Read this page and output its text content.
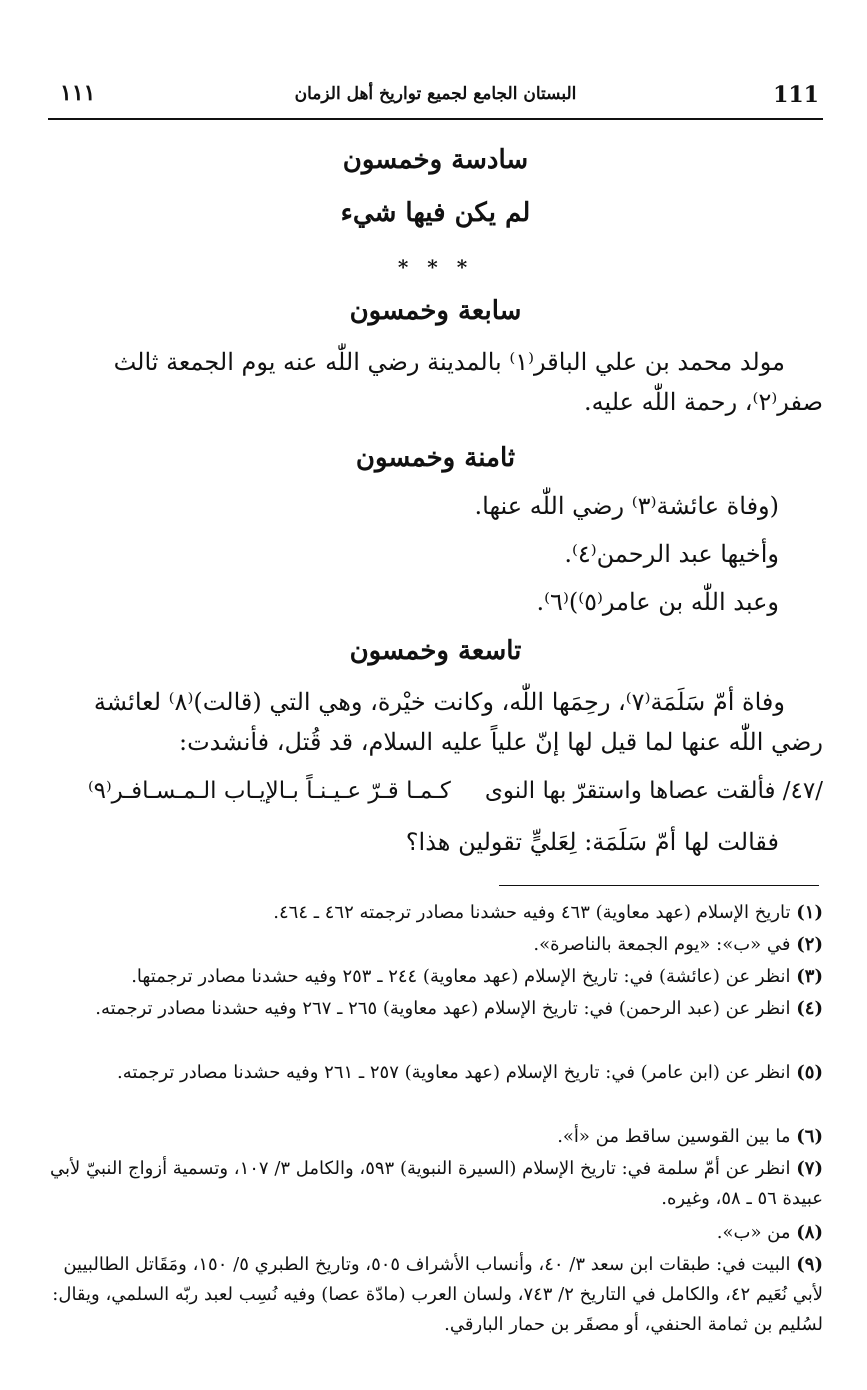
١١١	البستان الجامع لجميع تواريخ أهل الزمان	111
سادسة وخمسون
لم يكن فيها شيء
* * *
سابعة وخمسون
مولد محمد بن علي الباقر⁽١⁾ بالمدينة رضي اللّٰه عنه يوم الجمعة ثالث صفر⁽٢⁾، رحمة اللّٰه عليه.
ثامنة وخمسون
(وفاة عائشة⁽٣⁾ رضي اللّٰه عنها.
وأخيها عبد الرحمن⁽٤⁾.
وعبد اللّٰه بن عامر⁽٥⁾)⁽٦⁾.
تاسعة وخمسون
وفاة أمّ سَلَمَة⁽٧⁾، رحِمَها اللّٰه، وكانت خيْرة، وهي التي (قالت)⁽٨⁾ لعائشة رضي اللّٰه عنها لما قيل لها إنّ علياً عليه السلام، قد قُتل، فأنشدت:
/٤٧/ فألقت عصاها واستقرّ بها النوى
كـمـا قـرّ عـيـنـاً بـالإيـاب الـمـسـافـر⁽٩⁾
فقالت لها أمّ سَلَمَة: لِعَليٍّ تقولين هذا؟
(١) تاريخ الإسلام (عهد معاوية) ٤٦٣ وفيه حشدنا مصادر ترجمته ٤٦٢ ـ ٤٦٤.
(٢) في «ب»: «يوم الجمعة بالناصرة».
(٣) انظر عن (عائشة) في: تاريخ الإسلام (عهد معاوية) ٢٤٤ ـ ٢٥٣ وفيه حشدنا مصادر ترجمتها.
(٤) انظر عن (عبد الرحمن) في: تاريخ الإسلام (عهد معاوية) ٢٦٥ ـ ٢٦٧ وفيه حشدنا مصادر ترجمته.
(٥) انظر عن (ابن عامر) في: تاريخ الإسلام (عهد معاوية) ٢٥٧ ـ ٢٦١ وفيه حشدنا مصادر ترجمته.
(٦) ما بين القوسين ساقط من «أ».
(٧) انظر عن أمّ سلمة في: تاريخ الإسلام (السيرة النبوية) ٥٩٣، والكامل ٣/ ١٠٧، وتسمية أزواج النبيّ لأبي عبيدة ٥٦ ـ ٥٨، وغيره.
(٨) من «ب».
(٩) البيت في: طبقات ابن سعد ٣/ ٤٠، وأنساب الأشراف ٥٠٥، وتاريخ الطبري ٥/ ١٥٠، ومَقَاتل الطالبيين لأبي نُعَيم ٤٢، والكامل في التاريخ ٢/ ٧٤٣، ولسان العرب (مادّة عصا) وفيه نُسِب لعبد ربّه السلمي، ويقال: لسُليم بن ثمامة الحنفي، أو مصقَر بن حمار البارقي.
